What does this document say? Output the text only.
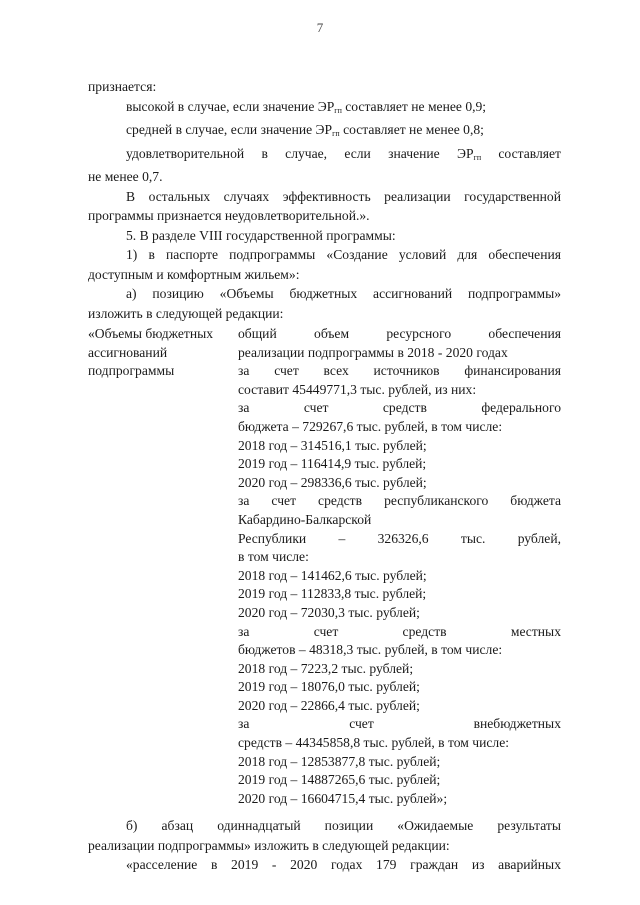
7
признается:
высокой в случае, если значение $ЭР_{гп}$ составляет не менее 0,9;
средней в случае, если значение $ЭР_{гп}$ составляет не менее 0,8;
удовлетворительной в случае, если значение $ЭР_{гп}$ составляет
не менее 0,7.
В остальных случаях эффективность реализации государственной
программы признается неудовлетворительной.».
5. В разделе VIII государственной программы:
1) в паспорте подпрограммы «Создание условий для обеспечения
доступным и комфортным жильем»:
а) позицию «Объемы бюджетных ассигнований подпрограммы»
изложить в следующей редакции:
«Объемы бюджетных
ассигнований
подпрограммы
общий объем ресурсного обеспечения
реализации подпрограммы в 2018 - 2020 годах
за счет всех источников финансирования
составит 45449771,3 тыс. рублей, из них:
за счет средств федерального
бюджета – 729267,6 тыс. рублей, в том числе:
2018 год – 314516,1 тыс. рублей;
2019 год – 116414,9 тыс. рублей;
2020 год – 298336,6 тыс. рублей;
за счет средств республиканского бюджета
Кабардино-Балкарской
Республики – 326326,6 тыс. рублей,
в том числе:
2018 год – 141462,6 тыс. рублей;
2019 год – 112833,8 тыс. рублей;
2020 год – 72030,3 тыс. рублей;
за счет средств местных
бюджетов – 48318,3 тыс. рублей, в том числе:
2018 год – 7223,2 тыс. рублей;
2019 год – 18076,0 тыс. рублей;
2020 год – 22866,4 тыс. рублей;
за счет внебюджетных
средств – 44345858,8 тыс. рублей, в том числе:
2018 год – 12853877,8 тыс. рублей;
2019 год – 14887265,6 тыс. рублей;
2020 год – 16604715,4 тыс. рублей»;
б) абзац одиннадцатый позиции «Ожидаемые результаты
реализации подпрограммы» изложить в следующей редакции:
«расселение в 2019 - 2020 годах 179 граждан из аварийных
